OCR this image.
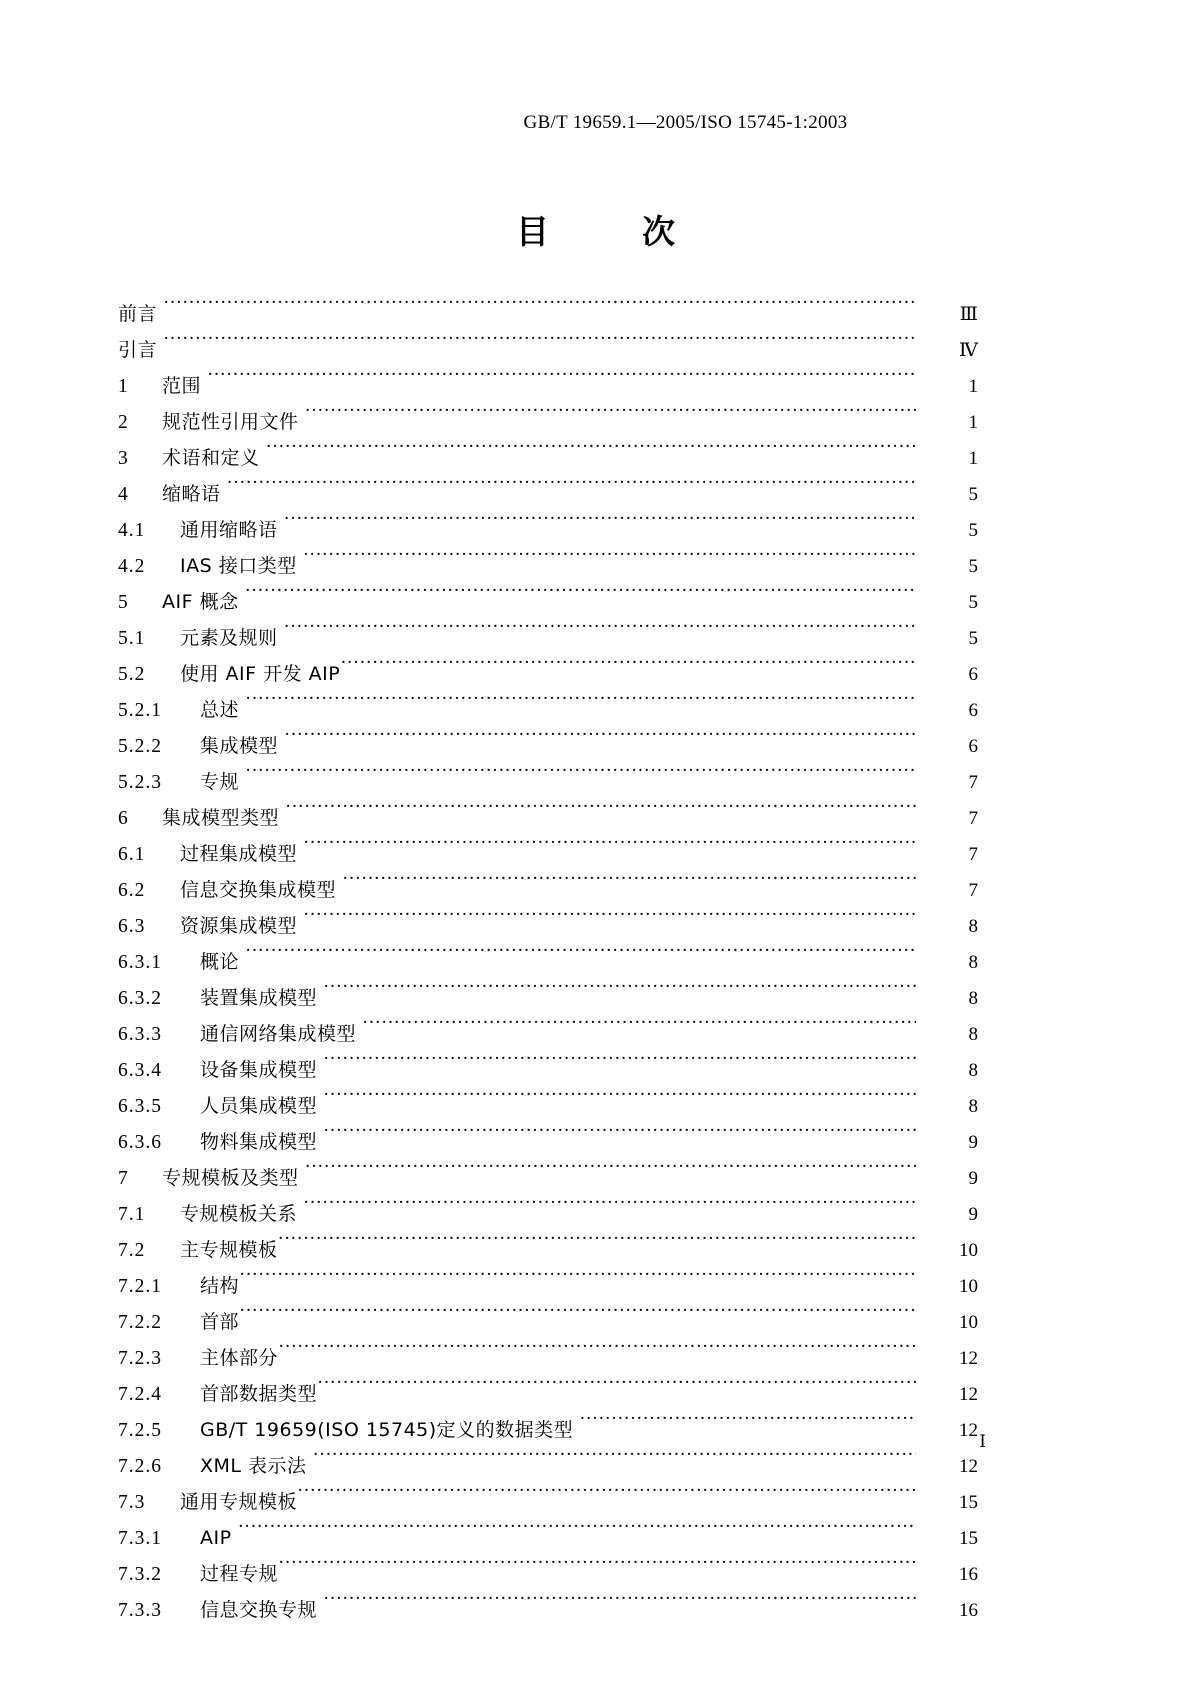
GB/T 19659.1—2005/ISO 15745-1:2003
目　次
前言 ·····	Ⅲ
引言 ·····	Ⅳ
1	范围 ·····	1
2	规范性引用文件 ·····	1
3	术语和定义 ·····	1
4	缩略语 ·····	5
4.1	通用缩略语 ·····	5
4.2	IAS 接口类型 ·····	5
5	AIF 概念 ·····	5
5.1	元素及规则 ·····	5
5.2	使用 AIF 开发 AIP ·····	6
5.2.1	总述 ·····	6
5.2.2	集成模型 ·····	6
5.2.3	专规 ·····	7
6	集成模型类型 ·····	7
6.1	过程集成模型 ·····	7
6.2	信息交换集成模型 ·····	7
6.3	资源集成模型 ·····	8
6.3.1	概论 ·····	8
6.3.2	装置集成模型 ·····	8
6.3.3	通信网络集成模型 ·····	8
6.3.4	设备集成模型 ·····	8
6.3.5	人员集成模型 ·····	8
6.3.6	物料集成模型 ·····	9
7	专规模板及类型 ·····	9
7.1	专规模板关系 ·····	9
7.2	主专规模板 ·····	10
7.2.1	结构 ·····	10
7.2.2	首部 ·····	10
7.2.3	主体部分 ·····	12
7.2.4	首部数据类型 ·····	12
7.2.5	GB/T 19659(ISO 15745)定义的数据类型 ·····	12
7.2.6	XML 表示法 ·····	12
7.3	通用专规模板 ·····	15
7.3.1	AIP ·····	15
7.3.2	过程专规 ·····	16
7.3.3	信息交换专规 ·····	16
Ⅰ
